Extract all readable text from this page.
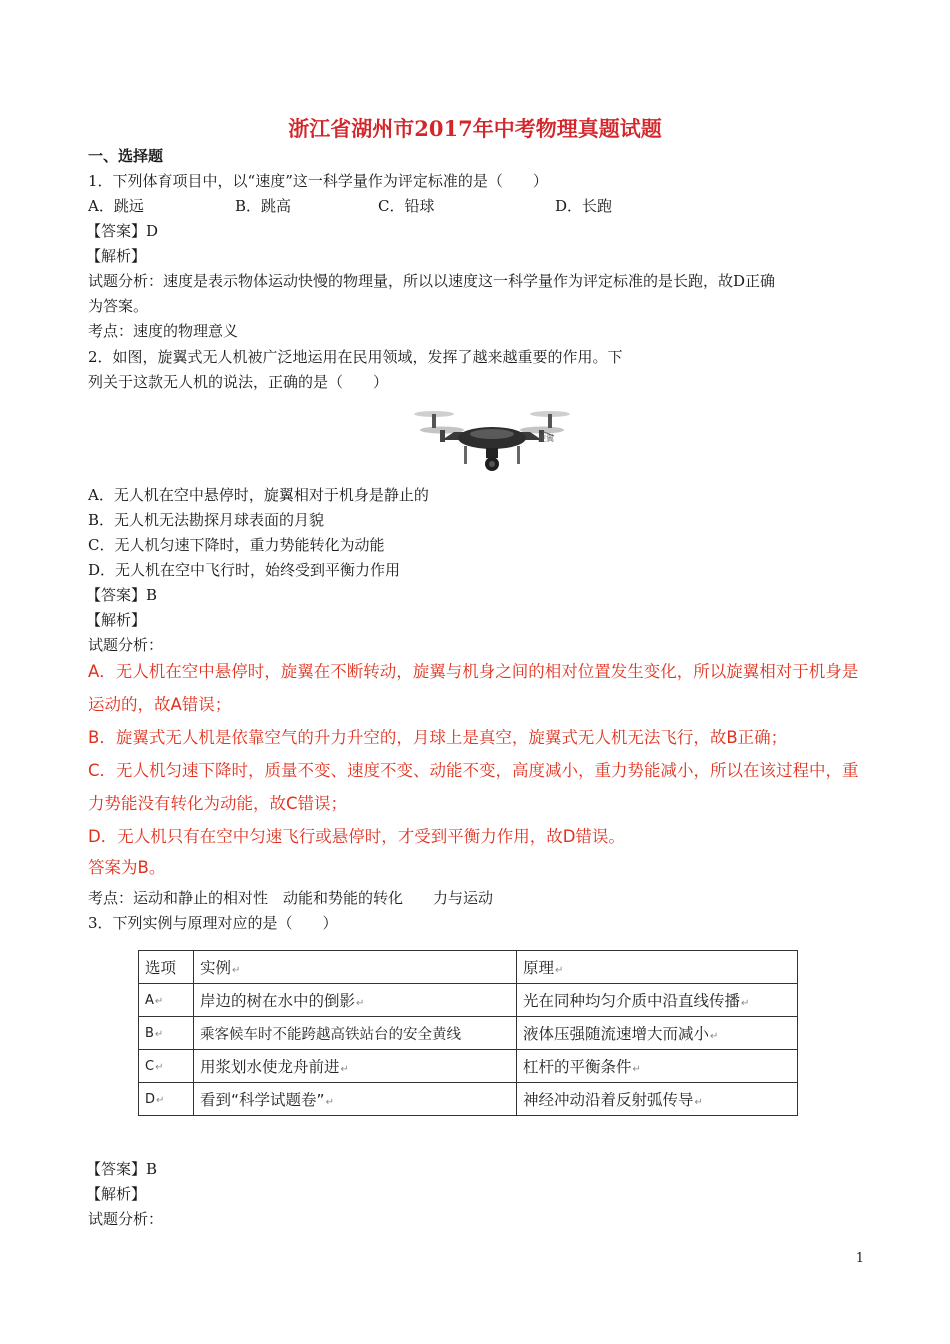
浙江省湖州市2017年中考物理真题试题
一、选择题
1．下列体育项目中，以“速度”这一科学量作为评定标准的是（　　）
A．跳远	B．跳高	C．铅球	D．长跑
【答案】D
【解析】
试题分析：速度是表示物体运动快慢的物理量，所以以速度这一科学量作为评定标准的是长跑，故D正确
为答案。
考点：速度的物理意义
2．如图，旋翼式无人机被广泛地运用在民用领域，发挥了越来越重要的作用。下
列关于这款无人机的说法，正确的是（　　）
旋翼
A．无人机在空中悬停时，旋翼相对于机身是静止的
B．无人机无法勘探月球表面的月貌
C．无人机匀速下降时，重力势能转化为动能
D．无人机在空中飞行时，始终受到平衡力作用
【答案】B
【解析】
试题分析：
A．无人机在空中悬停时，旋翼在不断转动，旋翼与机身之间的相对位置发生变化，所以旋翼相对于机身是
运动的，故A错误；
B．旋翼式无人机是依靠空气的升力升空的，月球上是真空，旋翼式无人机无法飞行，故B正确；
C．无人机匀速下降时，质量不变、速度不变、动能不变，高度减小，重力势能减小，所以在该过程中，重
力势能没有转化为动能，故C错误；
D．无人机只有在空中匀速飞行或悬停时，才受到平衡力作用，故D错误。
答案为B。
考点：运动和静止的相对性　动能和势能的转化　　力与运动
3．下列实例与原理对应的是（　　）
选项	实例↵	原理↵
A↵	岸边的树在水中的倒影↵	光在同种均匀介质中沿直线传播↵
B↵	乘客候车时不能跨越高铁站台的安全黄线	液体压强随流速增大而减小↵
C↵	用浆划水使龙舟前进↵	杠杆的平衡条件↵
D↵	看到“科学试题卷”↵	神经冲动沿着反射弧传导↵
【答案】B
【解析】
试题分析：
1
